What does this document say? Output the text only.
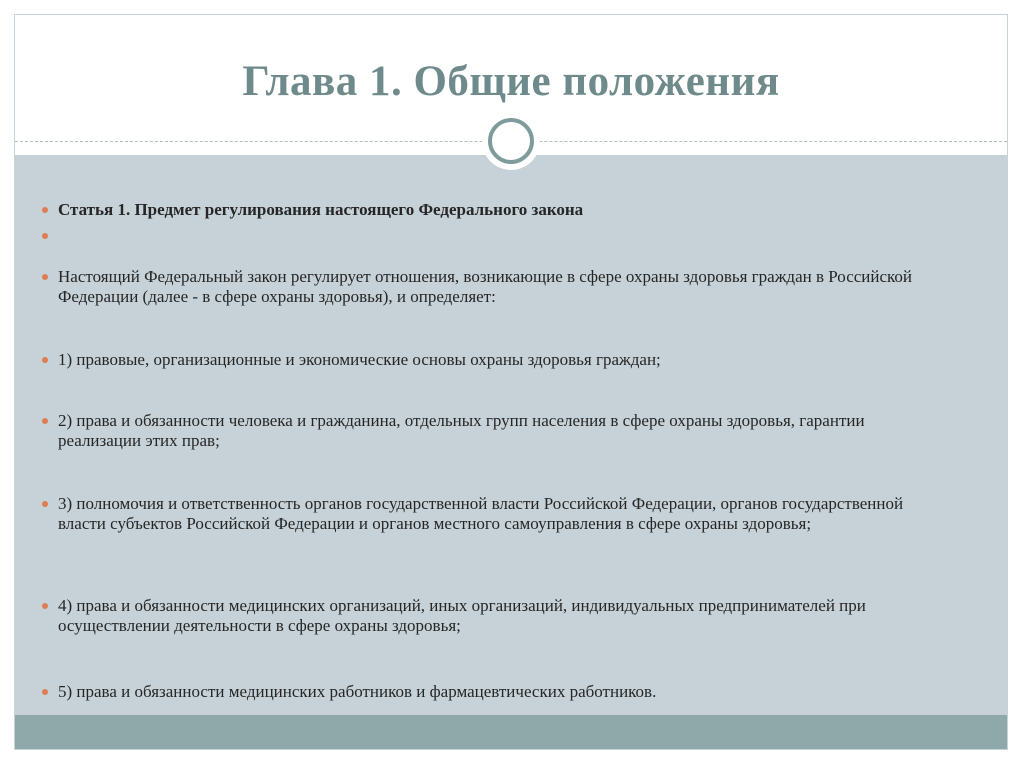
Глава 1. Общие положения
Статья 1. Предмет регулирования настоящего Федерального закона
Настоящий Федеральный закон регулирует отношения, возникающие в сфере охраны здоровья граждан в Российской Федерации (далее - в сфере охраны здоровья), и определяет:
1) правовые, организационные и экономические основы охраны здоровья граждан;
2) права и обязанности человека и гражданина, отдельных групп населения в сфере охраны здоровья, гарантии реализации этих прав;
3) полномочия и ответственность органов государственной власти Российской Федерации, органов государственной власти субъектов Российской Федерации и органов местного самоуправления в сфере охраны здоровья;
4) права и обязанности медицинских организаций, иных организаций, индивидуальных предпринимателей при осуществлении деятельности в сфере охраны здоровья;
5) права и обязанности медицинских работников и фармацевтических работников.
